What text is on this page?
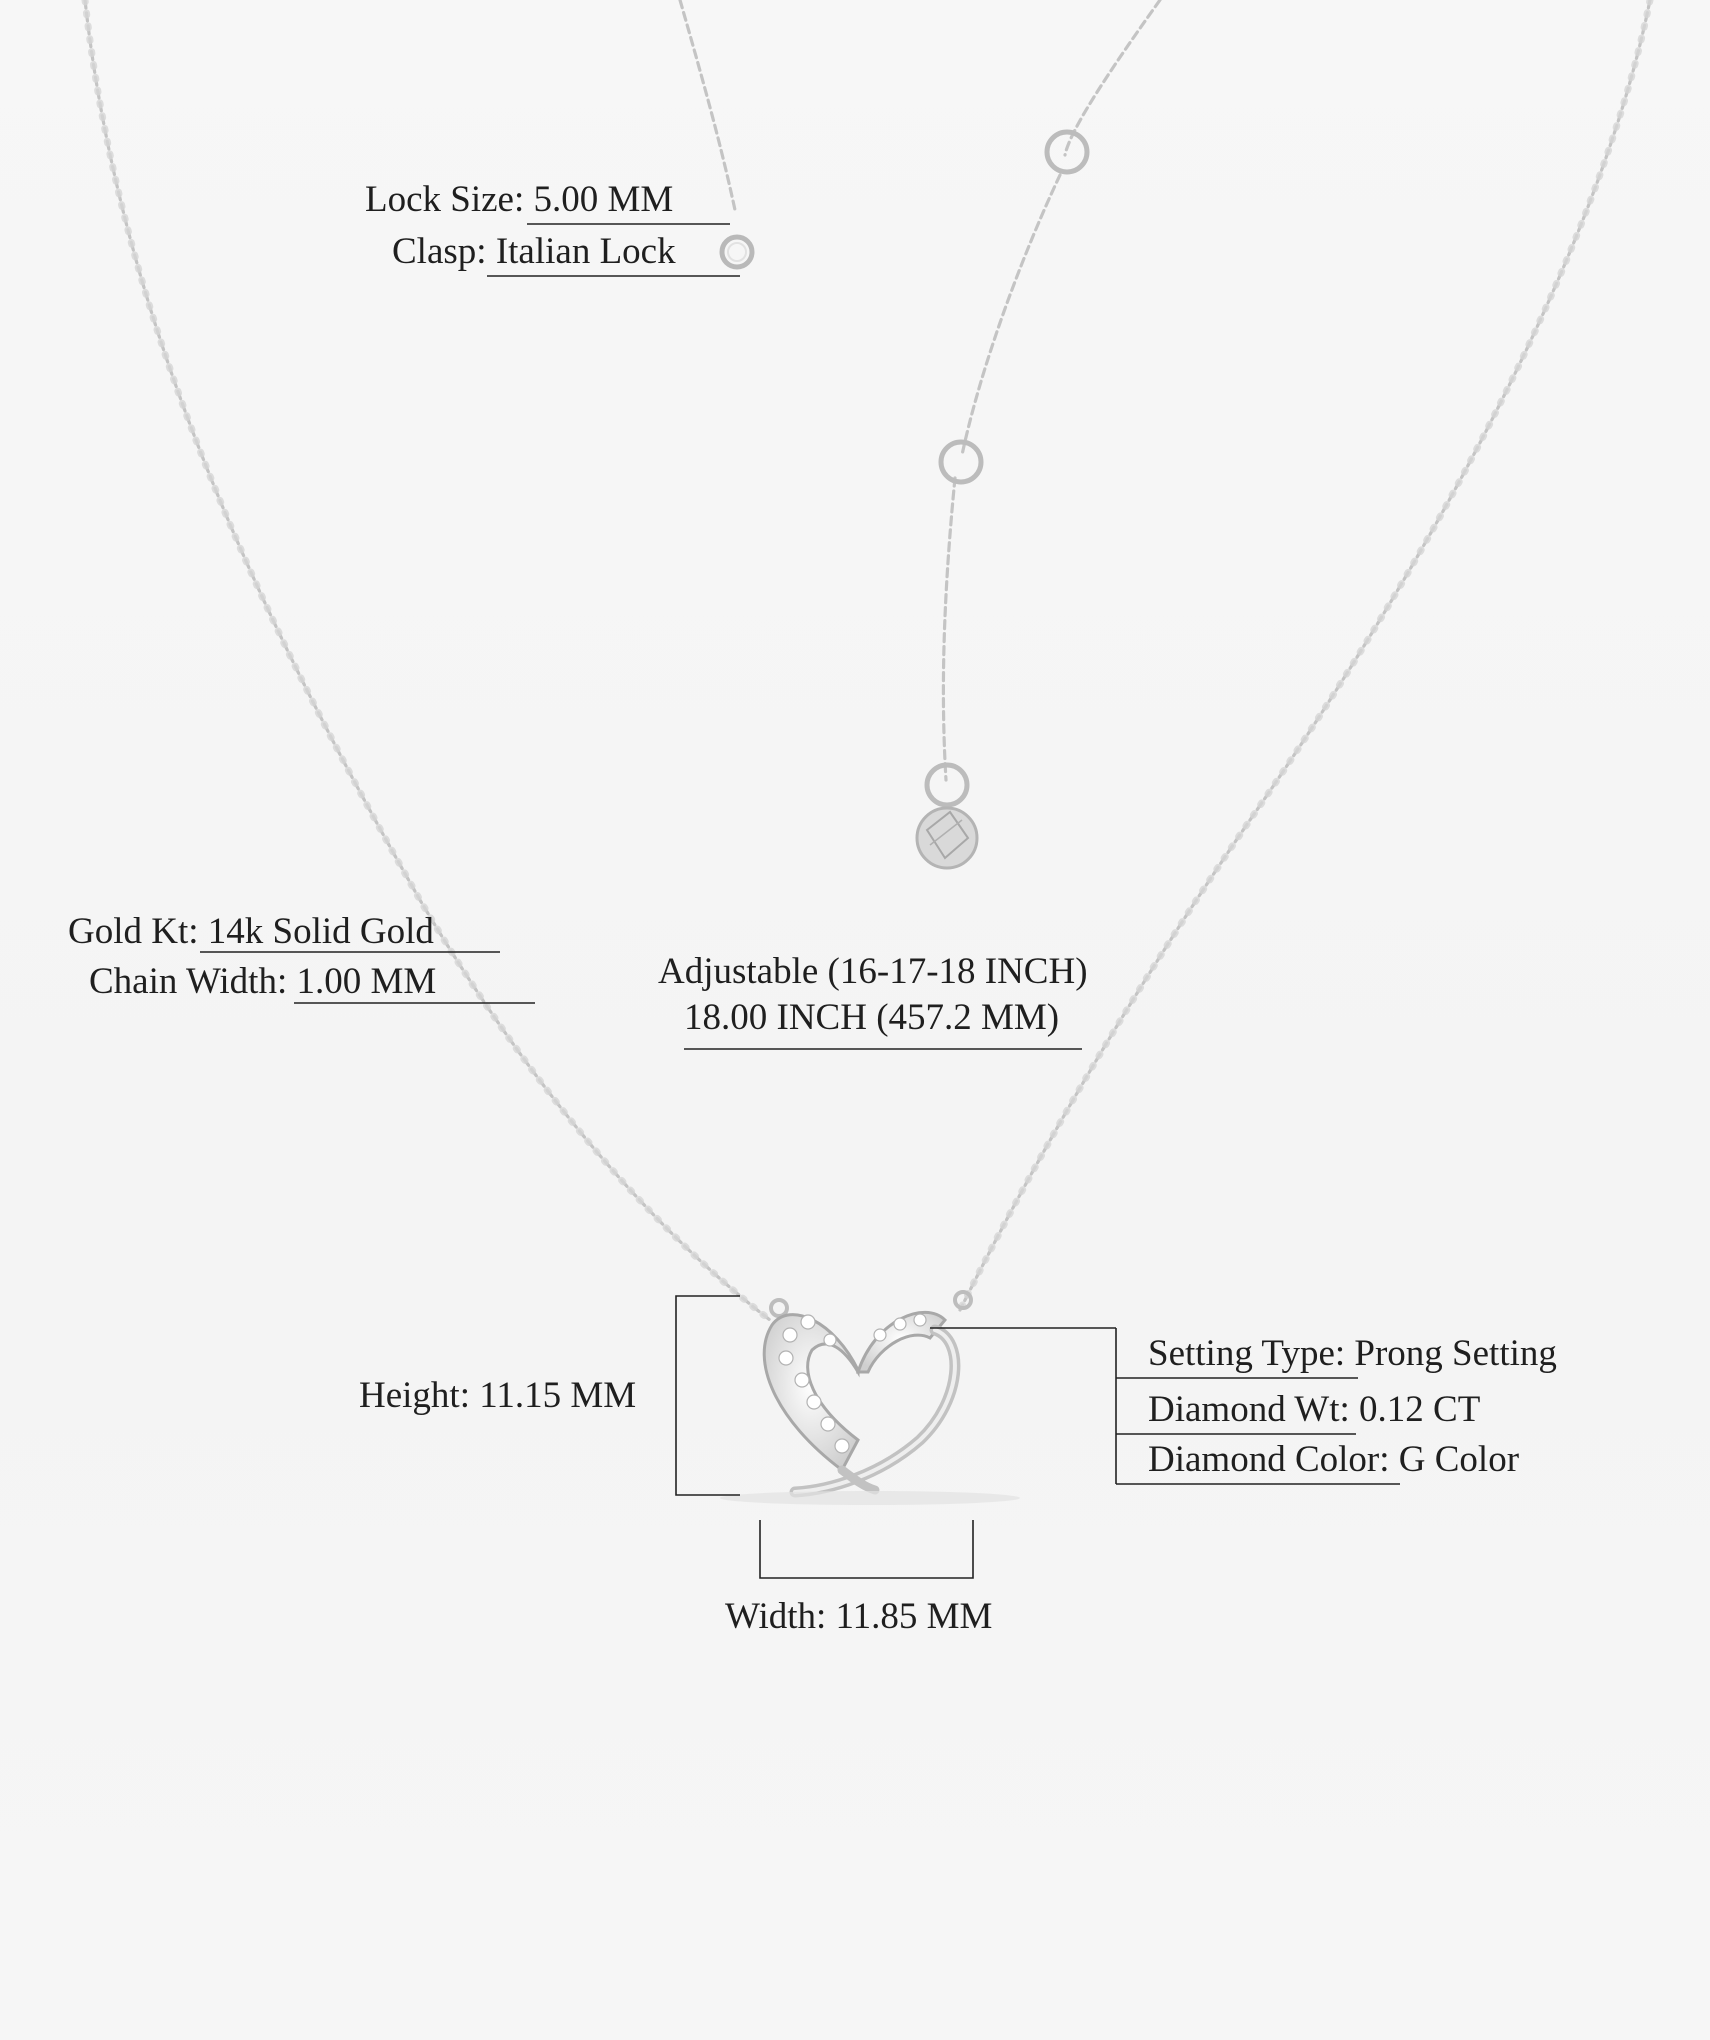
Lock Size: 5.00 MM
Clasp: Italian Lock
Gold Kt: 14k Solid Gold
Chain Width: 1.00 MM	Adjustable (16-17-18 INCH)
18.00 INCH (457.2 MM)
Height: 11.15 MM
Width: 11.85 MM
Setting Type: Prong Setting
Diamond Wt: 0.12 CT
Diamond Color: G Color
